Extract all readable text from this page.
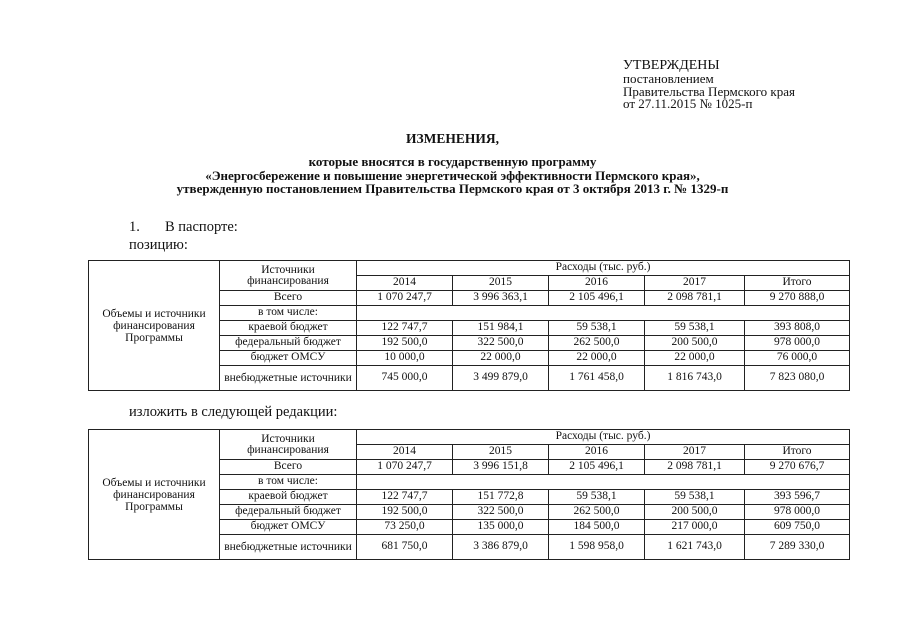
УТВЕРЖДЕНЫ
постановлением
Правительства Пермского края
от 27.11.2015 № 1025-п
ИЗМЕНЕНИЯ,
которые вносятся в государственную программу
«Энергосбережение и повышение энергетической эффективности Пермского края»,
утвержденную постановлением Правительства Пермского края от 3 октября 2013 г. № 1329-п
1. В паспорте:
позицию:
Объемы и источники финансирования Программы	Источники финансирования	Расходы (тыс. руб.)				
		2014	2015	2016	2017	Итого
	Всего	1 070 247,7	3 996 363,1	2 105 496,1	2 098 781,1	9 270 888,0
	в том числе:					
	краевой бюджет	122 747,7	151 984,1	59 538,1	59 538,1	393 808,0
	федеральный бюджет	192 500,0	322 500,0	262 500,0	200 500,0	978 000,0
	бюджет ОМСУ	10 000,0	22 000,0	22 000,0	22 000,0	76 000,0
	внебюджетные источники	745 000,0	3 499 879,0	1 761 458,0	1 816 743,0	7 823 080,0
изложить в следующей редакции:
Объемы и источники финансирования Программы	Источники финансирования	Расходы (тыс. руб.)				
		2014	2015	2016	2017	Итого
	Всего	1 070 247,7	3 996 151,8	2 105 496,1	2 098 781,1	9 270 676,7
	в том числе:					
	краевой бюджет	122 747,7	151 772,8	59 538,1	59 538,1	393 596,7
	федеральный бюджет	192 500,0	322 500,0	262 500,0	200 500,0	978 000,0
	бюджет ОМСУ	73 250,0	135 000,0	184 500,0	217 000,0	609 750,0
	внебюджетные источники	681 750,0	3 386 879,0	1 598 958,0	1 621 743,0	7 289 330,0
